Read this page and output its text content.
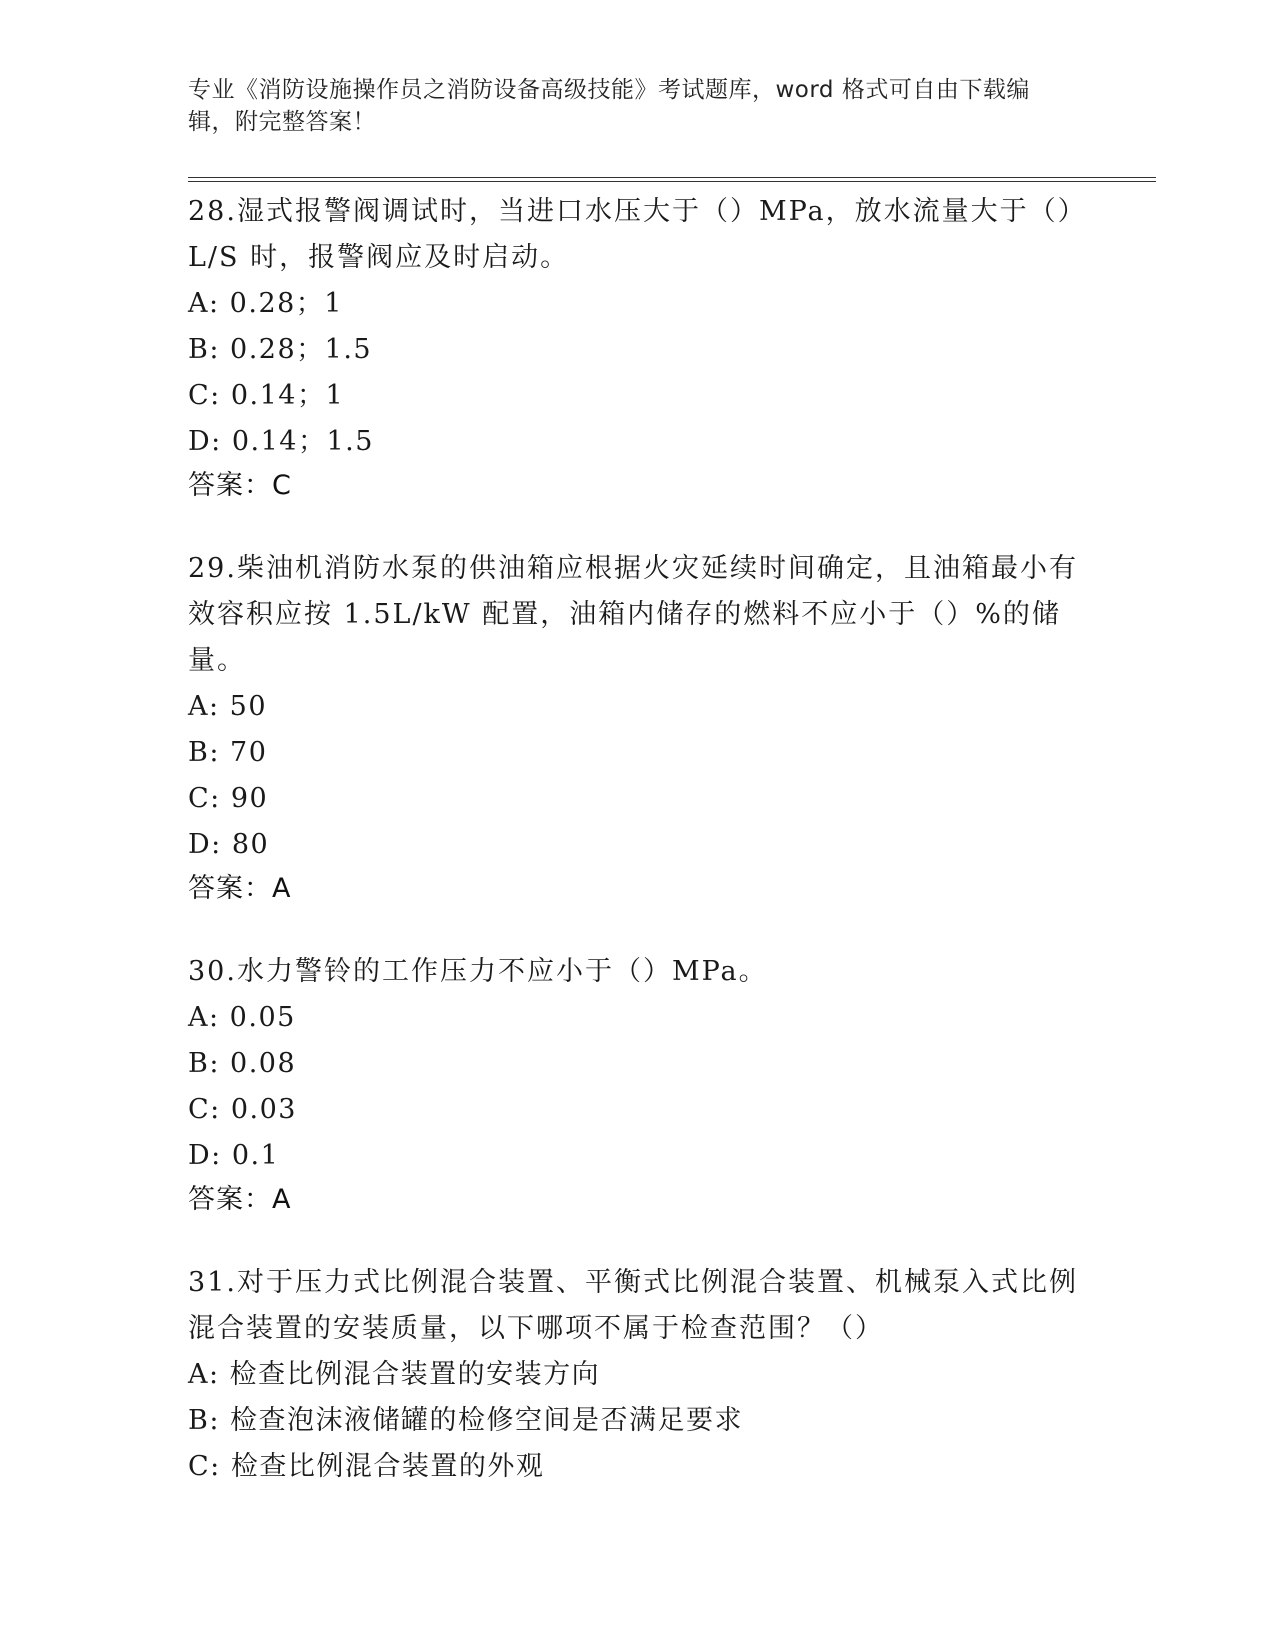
专业《消防设施操作员之消防设备高级技能》考试题库，word 格式可自由下载编辑，附完整答案！
28.湿式报警阀调试时，当进口水压大于（）MPa，放水流量大于（）L/S 时，报警阀应及时启动。
A: 0.28；1
B: 0.28；1.5
C: 0.14；1
D: 0.14；1.5
答案：C
29.柴油机消防水泵的供油箱应根据火灾延续时间确定，且油箱最小有效容积应按 1.5L/kW 配置，油箱内储存的燃料不应小于（）%的储量。
A: 50
B: 70
C: 90
D: 80
答案：A
30.水力警铃的工作压力不应小于（）MPa。
A: 0.05
B: 0.08
C: 0.03
D: 0.1
答案：A
31.对于压力式比例混合装置、平衡式比例混合装置、机械泵入式比例混合装置的安装质量，以下哪项不属于检查范围？（）
A: 检查比例混合装置的安装方向
B: 检查泡沫液储罐的检修空间是否满足要求
C: 检查比例混合装置的外观
